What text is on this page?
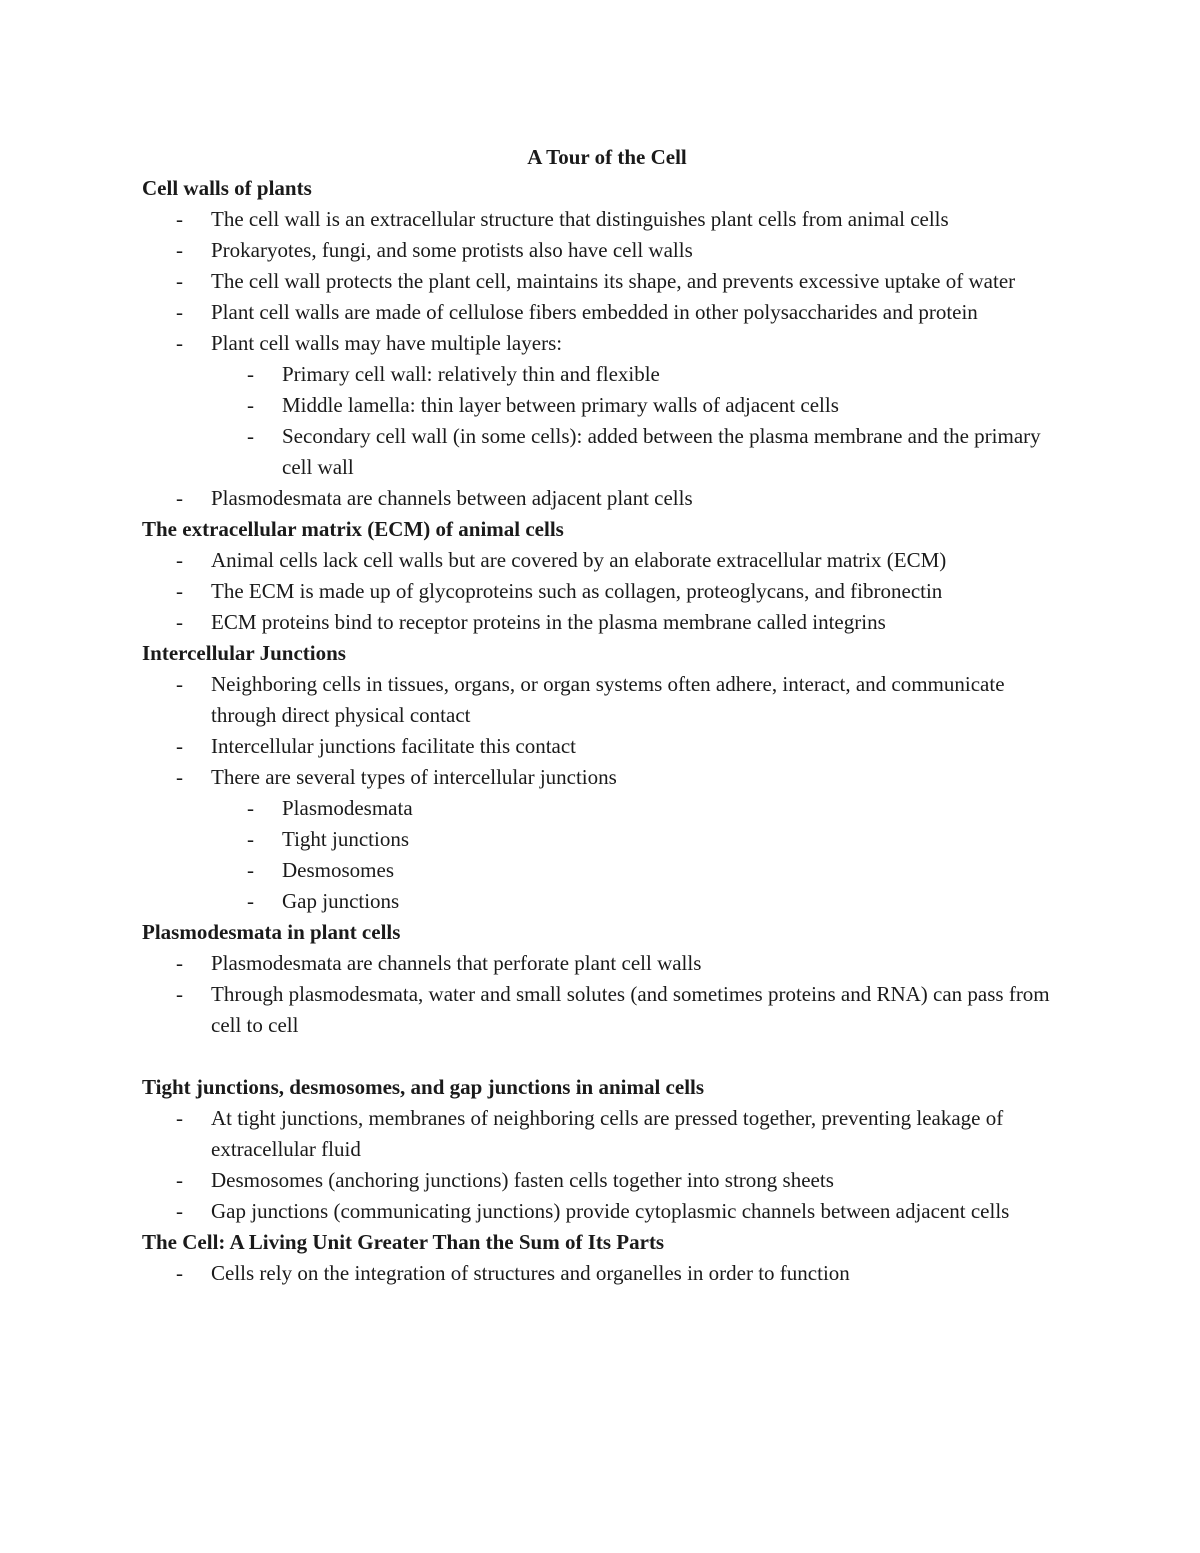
A Tour of the Cell
Cell walls of plants
- The cell wall is an extracellular structure that distinguishes plant cells from animal cells
- Prokaryotes, fungi, and some protists also have cell walls
- The cell wall protects the plant cell, maintains its shape, and prevents excessive uptake of water
- Plant cell walls are made of cellulose fibers embedded in other polysaccharides and protein
- Plant cell walls may have multiple layers:
- Primary cell wall: relatively thin and flexible
- Middle lamella: thin layer between primary walls of adjacent cells
- Secondary cell wall (in some cells): added between the plasma membrane and the primary cell wall
- Plasmodesmata are channels between adjacent plant cells
The extracellular matrix (ECM) of animal cells
- Animal cells lack cell walls but are covered by an elaborate extracellular matrix (ECM)
- The ECM is made up of glycoproteins such as collagen, proteoglycans, and fibronectin
- ECM proteins bind to receptor proteins in the plasma membrane called integrins
Intercellular Junctions
- Neighboring cells in tissues, organs, or organ systems often adhere, interact, and communicate through direct physical contact
- Intercellular junctions facilitate this contact
- There are several types of intercellular junctions
- Plasmodesmata
- Tight junctions
- Desmosomes
- Gap junctions
Plasmodesmata in plant cells
- Plasmodesmata are channels that perforate plant cell walls
- Through plasmodesmata, water and small solutes (and sometimes proteins and RNA) can pass from cell to cell
Tight junctions, desmosomes, and gap junctions in animal cells
- At tight junctions, membranes of neighboring cells are pressed together, preventing leakage of extracellular fluid
- Desmosomes (anchoring junctions) fasten cells together into strong sheets
- Gap junctions (communicating junctions) provide cytoplasmic channels between adjacent cells
The Cell: A Living Unit Greater Than the Sum of Its Parts
- Cells rely on the integration of structures and organelles in order to function
